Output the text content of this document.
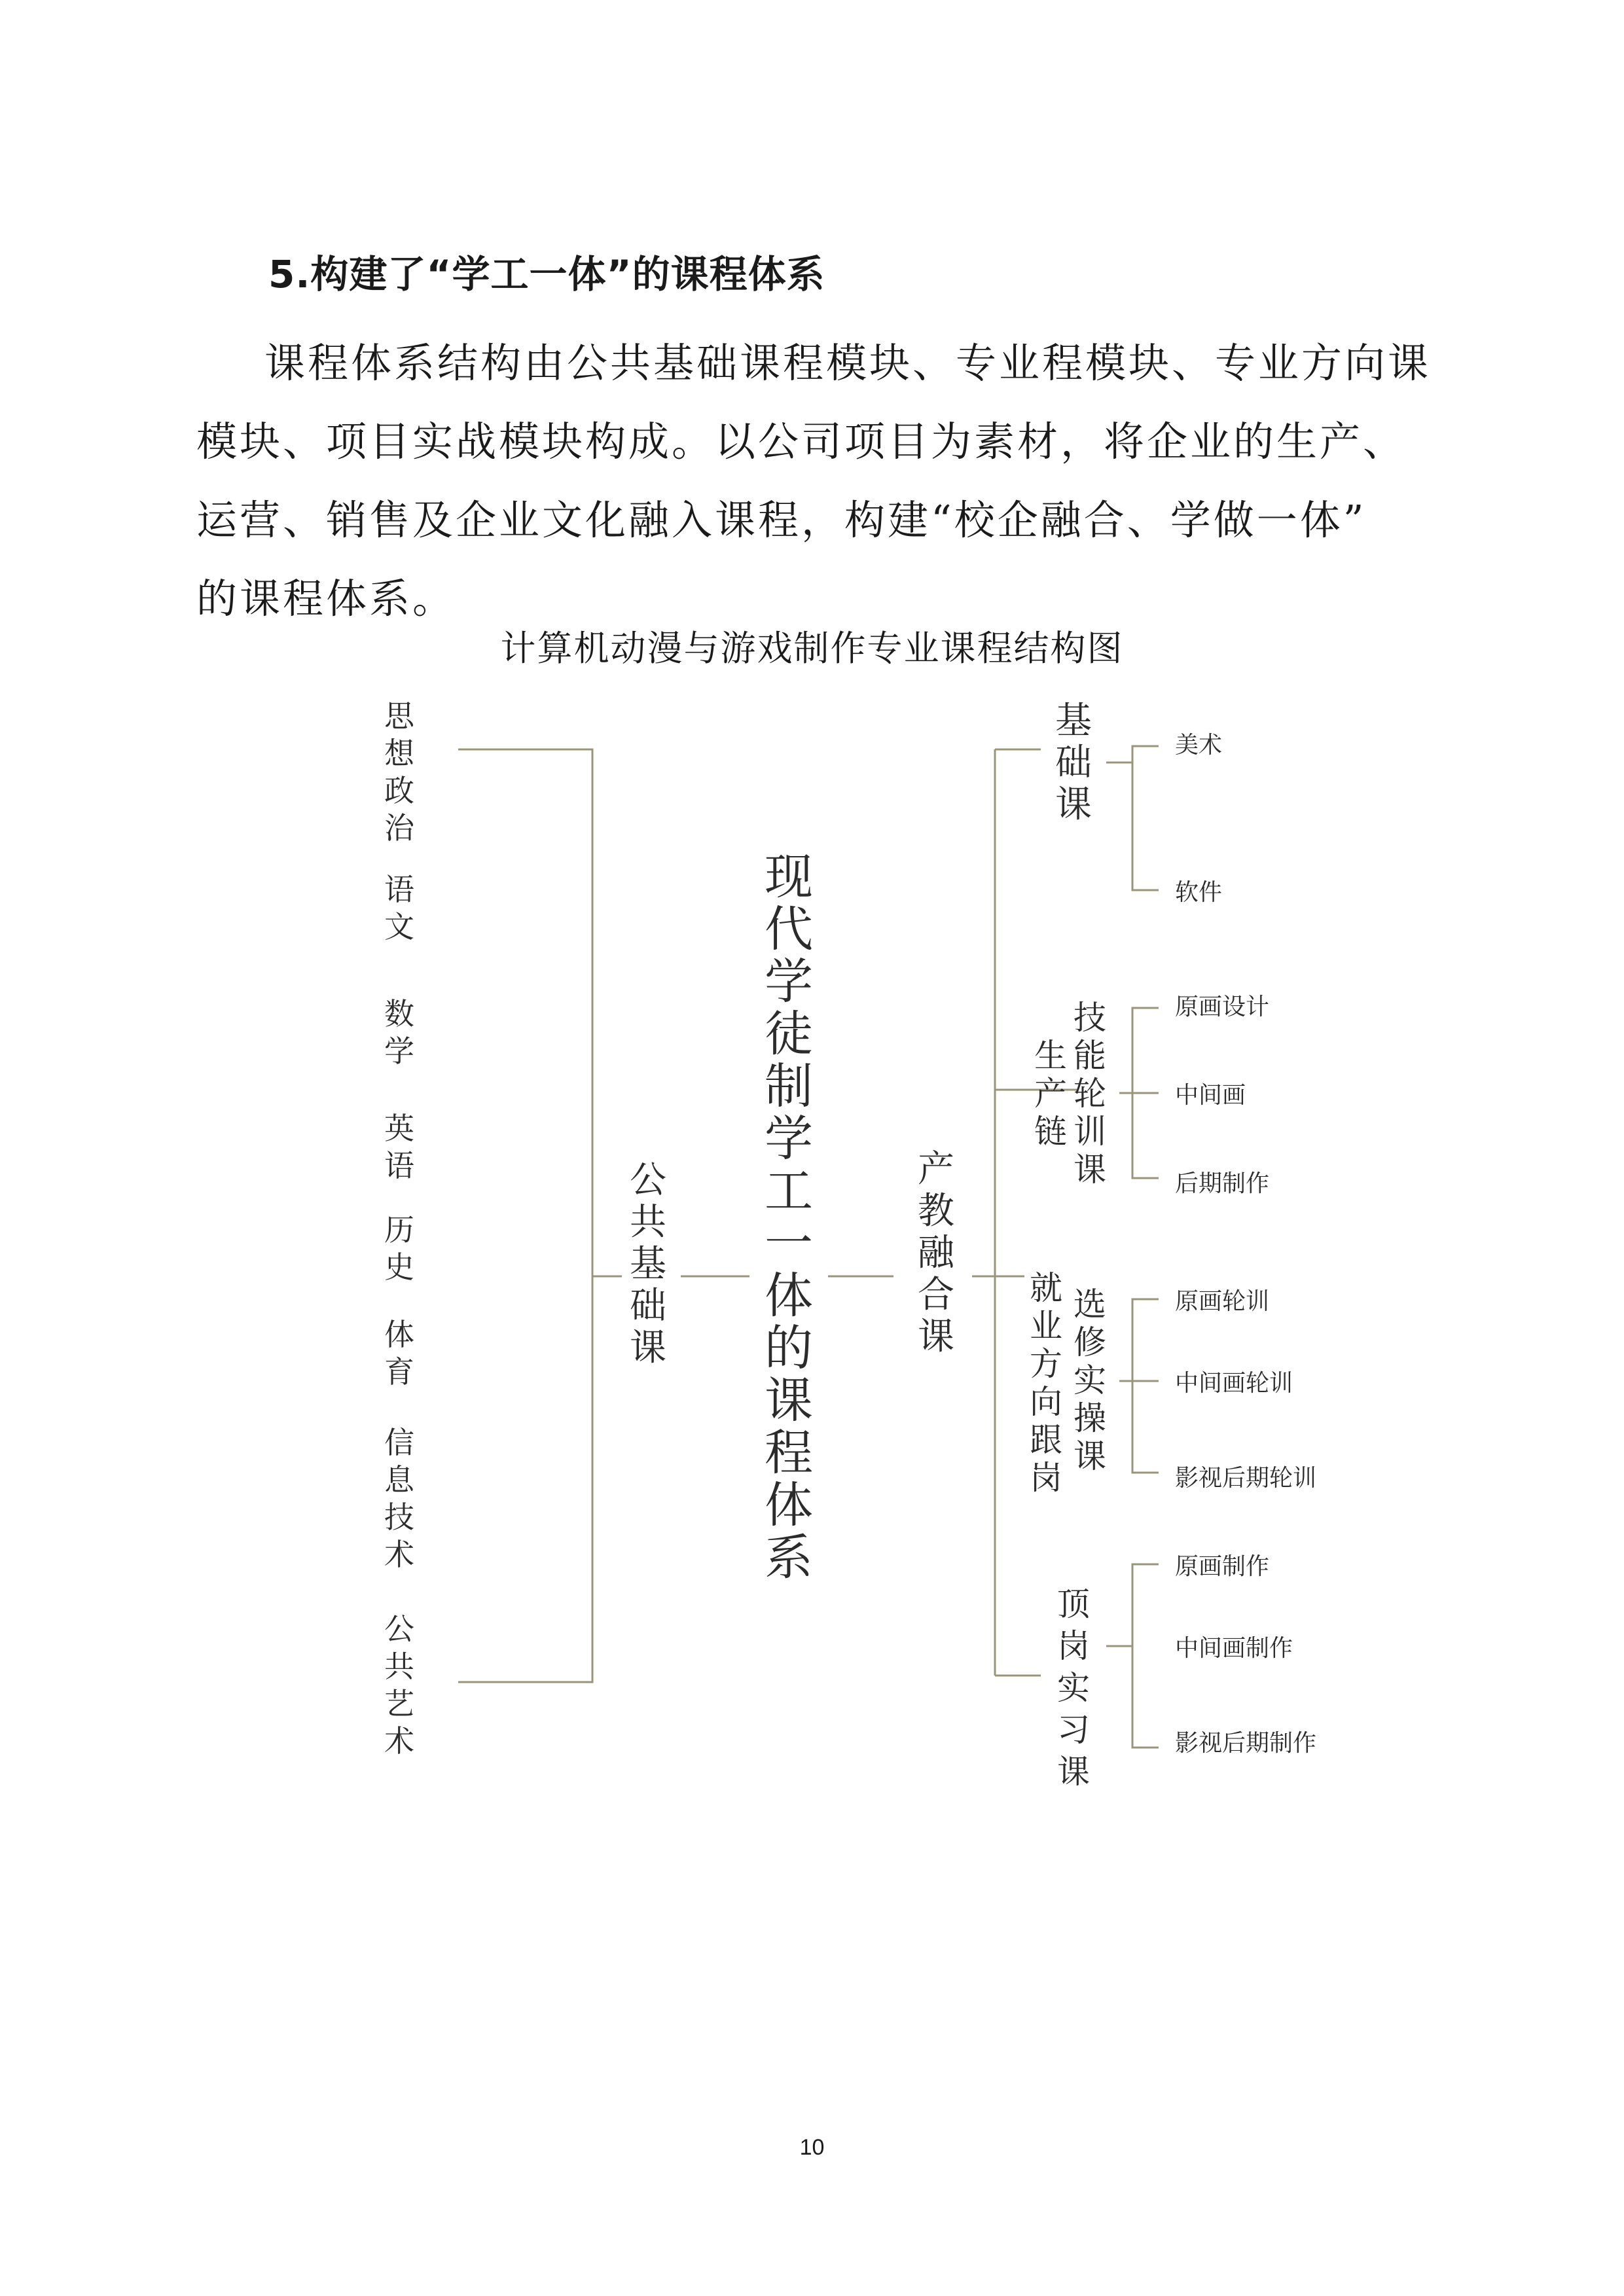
5.构建了“学工一体”的课程体系

课程体系结构由公共基础课程模块、专业程模块、专业方向课

模块、项目实战模块构成。以公司项目为素材，将企业的生产、

运营、销售及企业文化融入课程，构建“校企融合、学做一体”

的课程体系。

计算机动漫与游戏制作专业课程结构图
思想政治
语文
数学
英语
历史
体育
信息技术
公共艺术
公共基础课
现代学徒制学工一体的课程体系
产教融合课
基础课
生产链
技能轮训课
就业方向跟岗
选修实操课
顶岗实习课
美术
软件
原画设计
中间画
后期制作
原画轮训
中间画轮训
影视后期轮训
原画制作
中间画制作
影视后期制作
10
